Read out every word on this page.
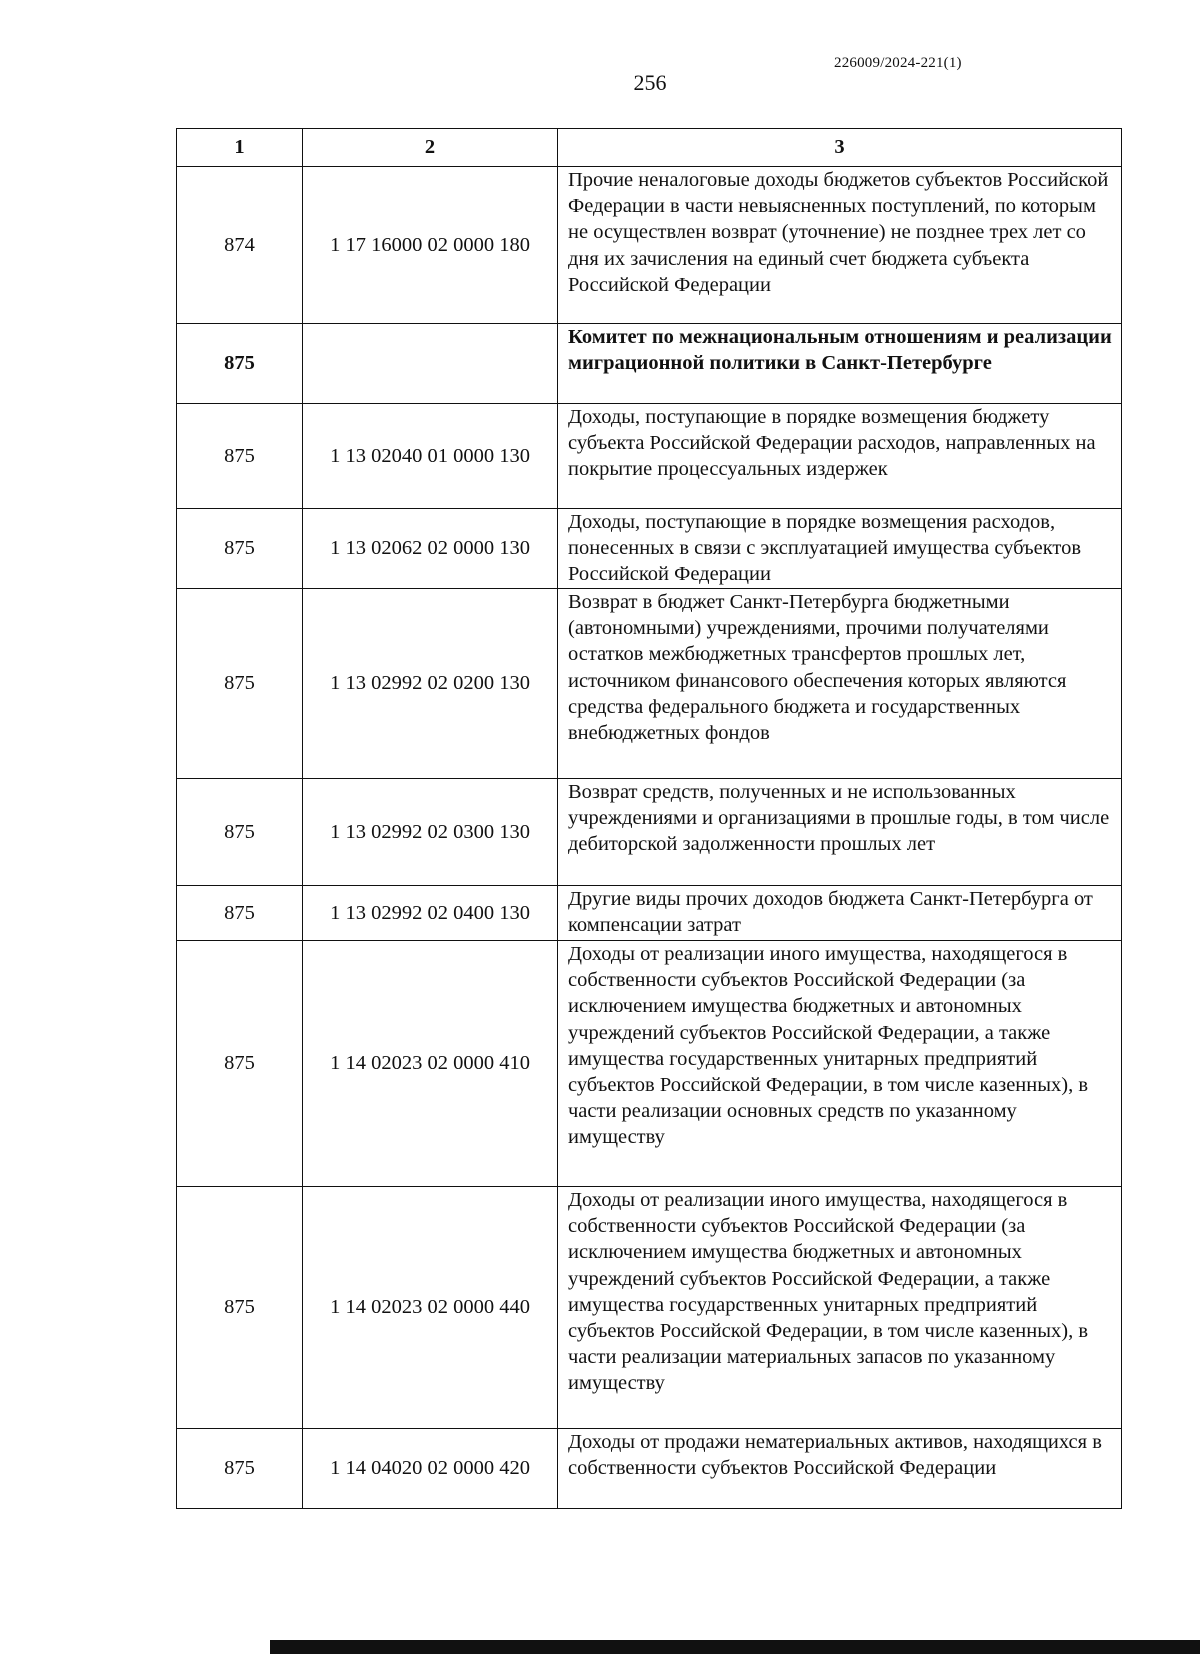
226009/2024-221(1)
256
1	2	3
874	1 17 16000 02 0000 180	Прочие неналоговые доходы бюджетов субъектов Российской Федерации в части невыясненных поступлений, по которым не осуществлен возврат (уточнение) не позднее трех лет со дня их зачисления на единый счет бюджета субъекта Российской Федерации
875		Комитет по межнациональным отношениям и реализации миграционной политики в Санкт-Петербурге
875	1 13 02040 01 0000 130	Доходы, поступающие в порядке возмещения бюджету субъекта Российской Федерации расходов, направленных на покрытие процессуальных издержек
875	1 13 02062 02 0000 130	Доходы, поступающие в порядке возмещения расходов, понесенных в связи с эксплуатацией имущества субъектов Российской Федерации
875	1 13 02992 02 0200 130	Возврат в бюджет Санкт-Петербурга бюджетными (автономными) учреждениями, прочими получателями остатков межбюджетных трансфертов прошлых лет, источником финансового обеспечения которых являются средства федерального бюджета и государственных внебюджетных фондов
875	1 13 02992 02 0300 130	Возврат средств, полученных и не использованных учреждениями и организациями в прошлые годы, в том числе дебиторской задолженности прошлых лет
875	1 13 02992 02 0400 130	Другие виды прочих доходов бюджета Санкт-Петербурга от компенсации затрат
875	1 14 02023 02 0000 410	Доходы от реализации иного имущества, находящегося в собственности субъектов Российской Федерации (за исключением имущества бюджетных и автономных учреждений субъектов Российской Федерации, а также имущества государственных унитарных предприятий субъектов Российской Федерации, в том числе казенных), в части реализации основных средств по указанному имуществу
875	1 14 02023 02 0000 440	Доходы от реализации иного имущества, находящегося в собственности субъектов Российской Федерации (за исключением имущества бюджетных и автономных учреждений субъектов Российской Федерации, а также имущества государственных унитарных предприятий субъектов Российской Федерации, в том числе казенных), в части реализации материальных запасов по указанному имуществу
875	1 14 04020 02 0000 420	Доходы от продажи нематериальных активов, находящихся в собственности субъектов Российской Федерации
